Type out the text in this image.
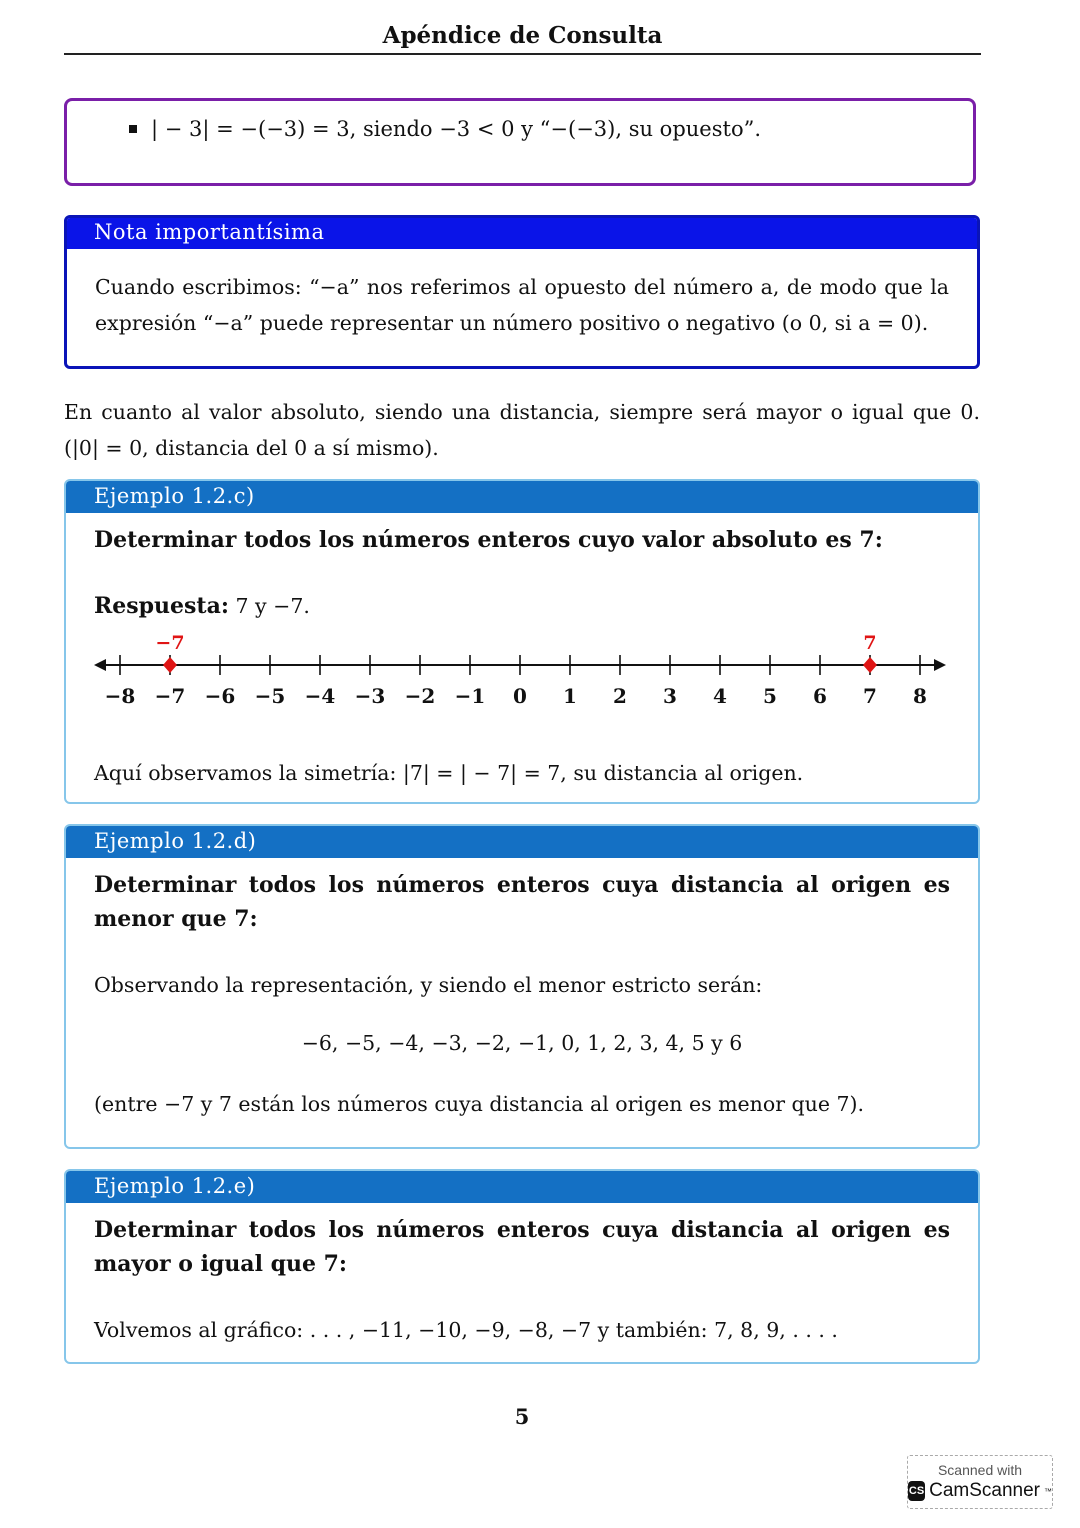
Apéndice de Consulta
| − 3| = −(−3) = 3, siendo −3 < 0 y “−(−3), su opuesto”.
Nota importantísima
Cuando escribimos: “−a” nos referimos al opuesto del número a, de modo que la expresión “−a” puede representar un número positivo o negativo (o 0, si a = 0).
En cuanto al valor absoluto, siendo una distancia, siempre será mayor o igual que 0. (|0| = 0, distancia del 0 a sí mismo).
Ejemplo 1.2.c)
Determinar todos los números enteros cuyo valor absoluto es 7:
Respuesta: 7 y −7.
−8 −7
−7
−6 −5 −4 −3 −2 −1 0 1 2 3 4 5 6 7
7
8
Aquí observamos la simetría: |7| = | − 7| = 7, su distancia al origen.
Ejemplo 1.2.d)
Determinar todos los números enteros cuya distancia al origen es menor que 7:
Observando la representación, y siendo el menor estricto serán:
−6, −5, −4, −3, −2, −1, 0, 1, 2, 3, 4, 5 y 6
(entre −7 y 7 están los números cuya distancia al origen es menor que 7).
Ejemplo 1.2.e)
Determinar todos los números enteros cuya distancia al origen es mayor o igual que 7:
Volvemos al gráfico: . . . , −11, −10, −9, −8, −7 y también: 7, 8, 9, . . . .
5
Scanned with
CS CamScanner ™
